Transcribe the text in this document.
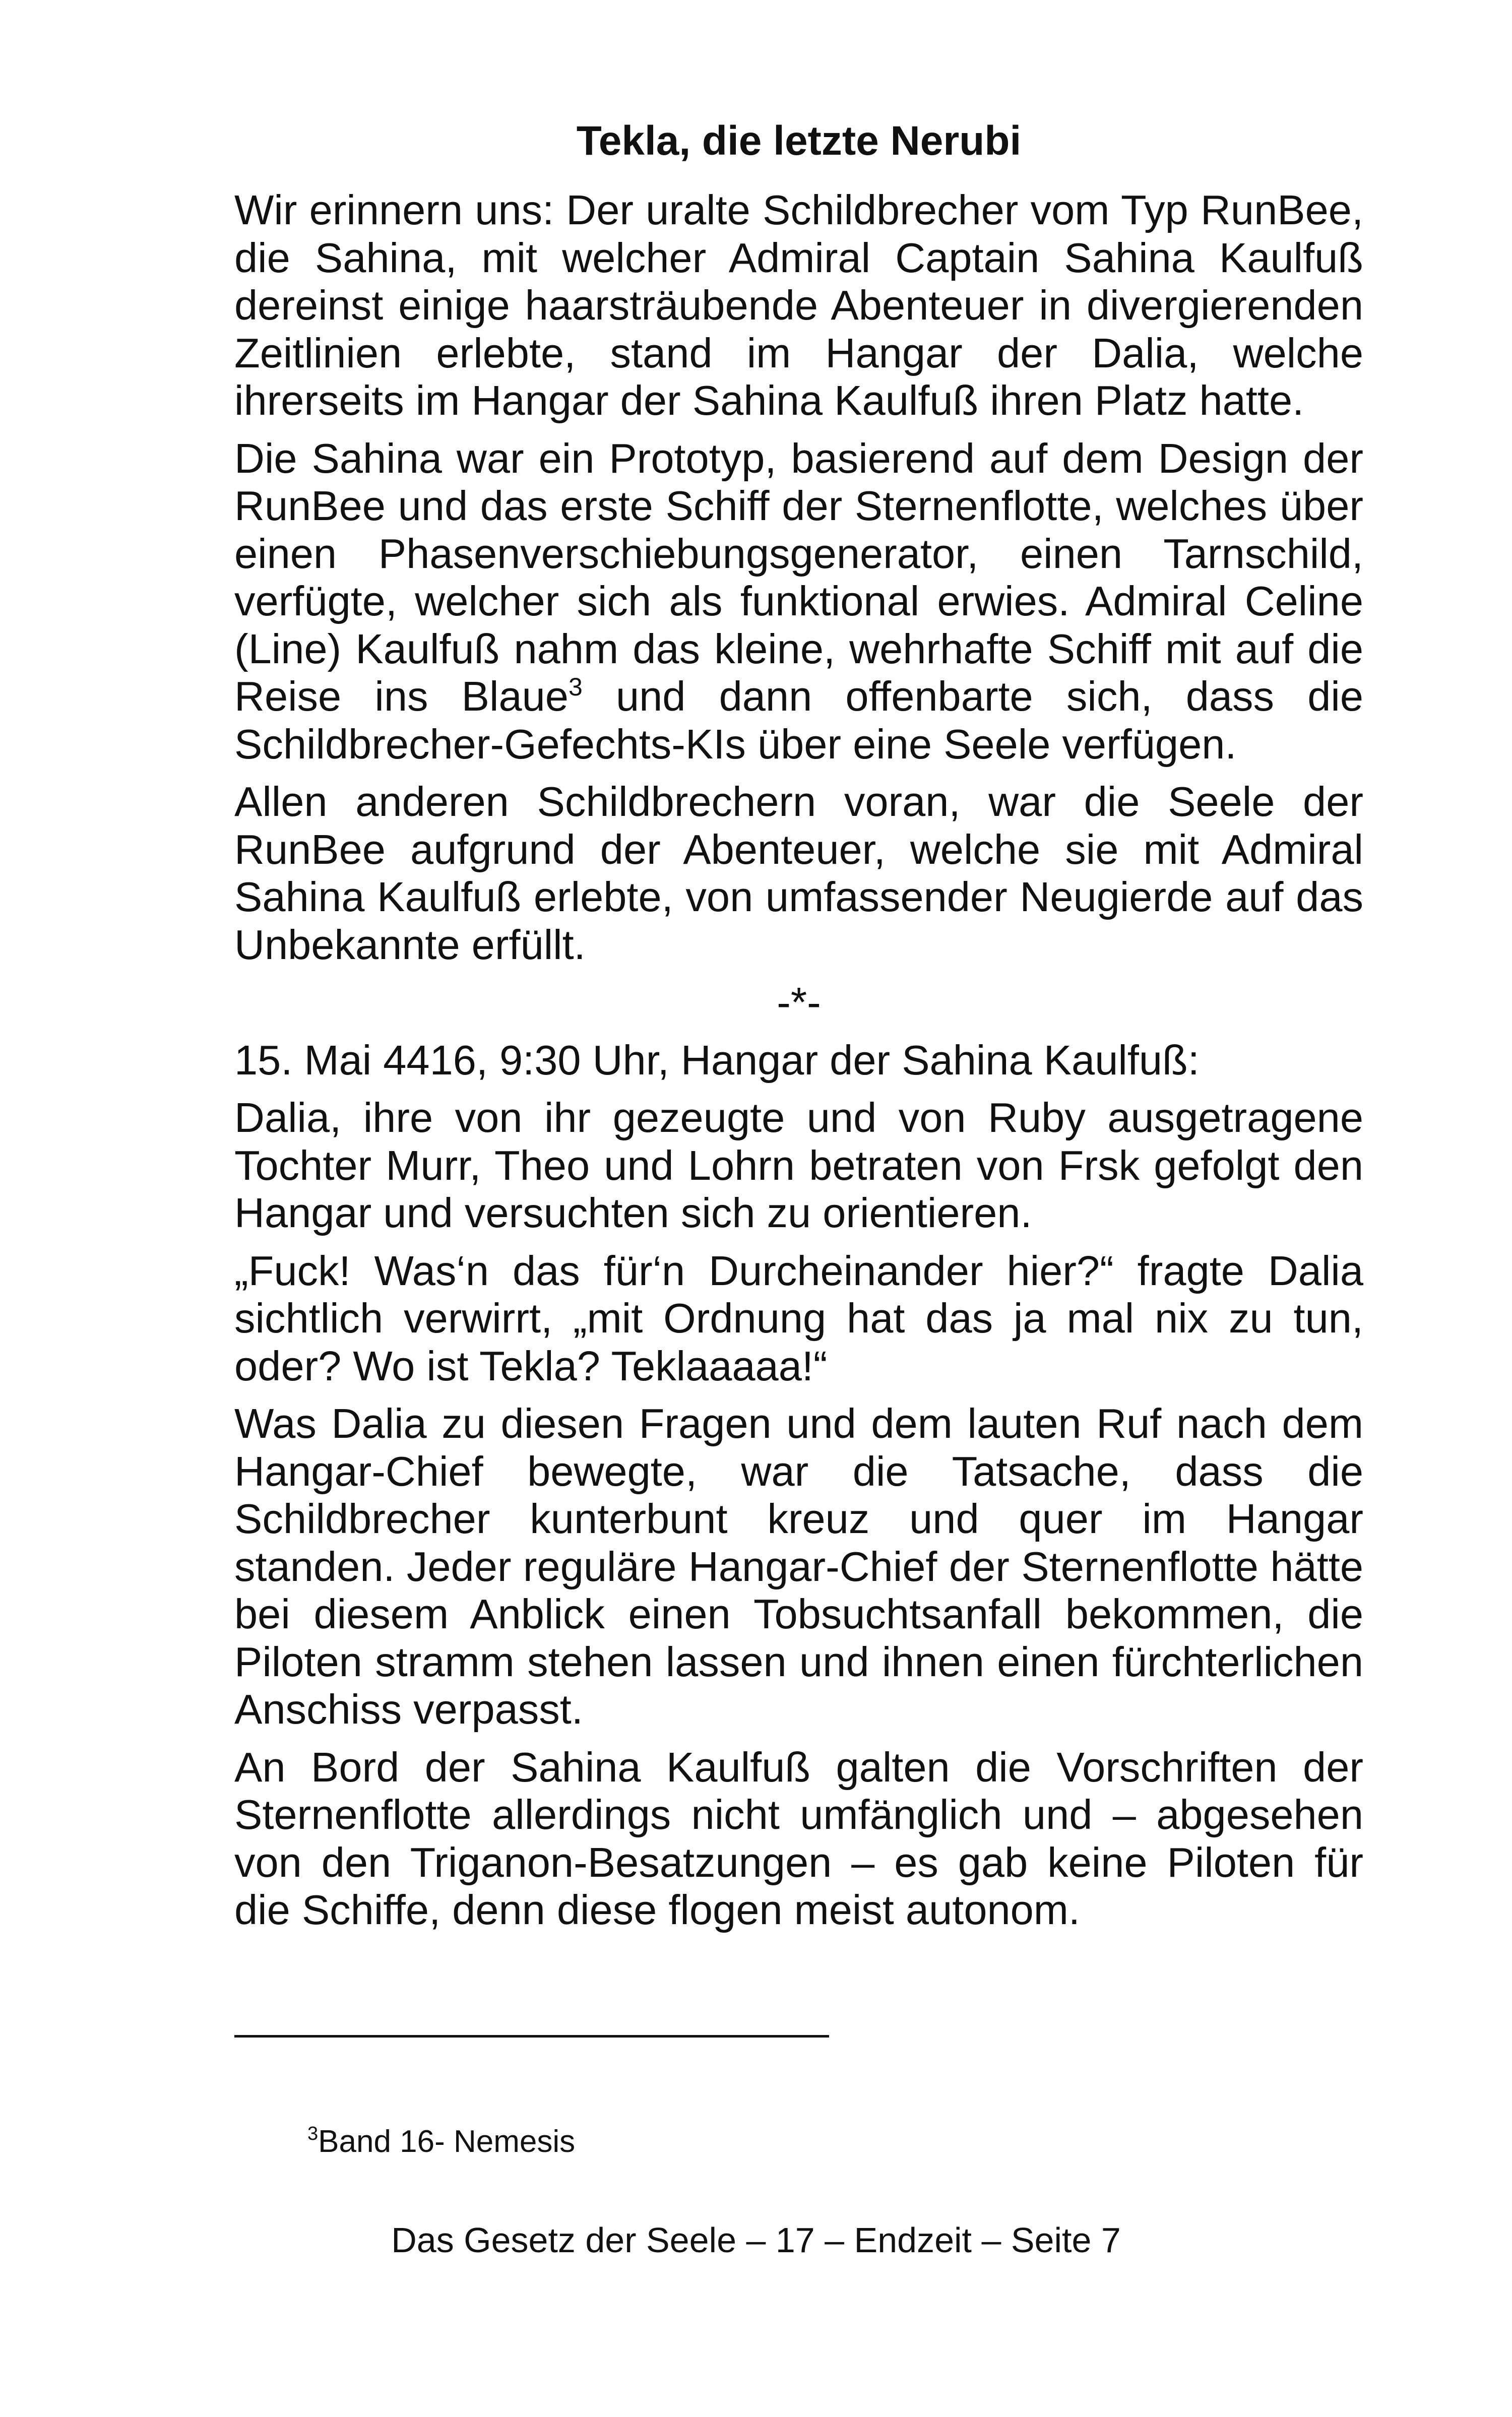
Tekla, die letzte Nerubi

Wir erinnern uns: Der uralte Schildbrecher vom Typ RunBee, die Sahina, mit welcher Admiral Captain Sahina Kaulfuß dereinst einige haarsträubende Abenteuer in divergierenden Zeitlinien erlebte, stand im Hangar der Dalia, welche ihrerseits im Hangar der Sahina Kaulfuß ihren Platz hatte.

Die Sahina war ein Prototyp, basierend auf dem Design der RunBee und das erste Schiff der Sternenflotte, welches über einen Phasenverschiebungsgenerator, einen Tarnschild, verfügte, welcher sich als funktional erwies. Admiral Celine (Line) Kaulfuß nahm das kleine, wehrhafte Schiff mit auf die Reise ins Blaue$^3$ und dann offenbarte sich, dass die Schildbrecher-Gefechts-KIs über eine Seele verfügen.

Allen anderen Schildbrechern voran, war die Seele der RunBee aufgrund der Abenteuer, welche sie mit Admiral Sahina Kaulfuß erlebte, von umfassender Neugierde auf das Unbekannte erfüllt.

-*-

15. Mai 4416, 9:30 Uhr, Hangar der Sahina Kaulfuß:

Dalia, ihre von ihr gezeugte und von Ruby ausgetragene Tochter Murr, Theo und Lohrn betraten von Frsk gefolgt den Hangar und versuchten sich zu orientieren.

„Fuck! Was‘n das für‘n Durcheinander hier?“ fragte Dalia sichtlich verwirrt, „mit Ordnung hat das ja mal nix zu tun, oder? Wo ist Tekla? Teklaaaaa!“

Was Dalia zu diesen Fragen und dem lauten Ruf nach dem Hangar-Chief bewegte, war die Tatsache, dass die Schildbrecher kunterbunt kreuz und quer im Hangar standen. Jeder reguläre Hangar-Chief der Sternenflotte hätte bei diesem Anblick einen Tobsuchtsanfall bekommen, die Piloten stramm stehen lassen und ihnen einen fürchterlichen Anschiss verpasst.

An Bord der Sahina Kaulfuß galten die Vorschriften der Sternenflotte allerdings nicht umfänglich und – abgesehen von den Triganon-Besatzungen – es gab keine Piloten für die Schiffe, denn diese flogen meist autonom.

$^3$Band 16- Nemesis
Das Gesetz der Seele – 17 – Endzeit – Seite 7
